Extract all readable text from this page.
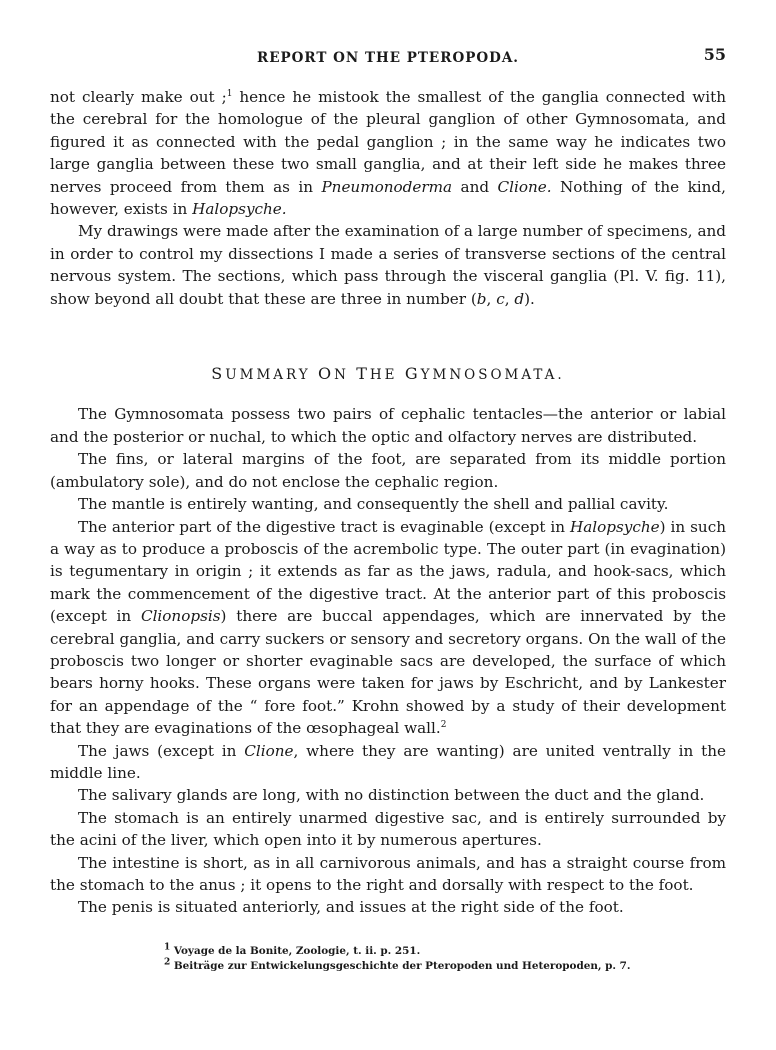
REPORT ON THE PTEROPODA.	55

not clearly make out ;$^1$ hence he mistook the smallest of the ganglia connected with the cerebral for the homologue of the pleural ganglion of other Gymnosomata, and figured it as connected with the pedal ganglion ; in the same way he indicates two large ganglia between these two small ganglia, and at their left side he makes three nerves proceed from them as in Pneumonoderma and Clione. Nothing of the kind, however, exists in Halopsyche.

My drawings were made after the examination of a large number of specimens, and in order to control my dissections I made a series of transverse sections of the central nervous system. The sections, which pass through the visceral ganglia (Pl. V. fig. 11), show beyond all doubt that these are three in number (b, c, d).

SUMMARY ON THE GYMNOSOMATA.

The Gymnosomata possess two pairs of cephalic tentacles—the anterior or labial and the posterior or nuchal, to which the optic and olfactory nerves are distributed.

The fins, or lateral margins of the foot, are separated from its middle portion (ambulatory sole), and do not enclose the cephalic region.

The mantle is entirely wanting, and consequently the shell and pallial cavity.

The anterior part of the digestive tract is evaginable (except in Halopsyche) in such a way as to produce a proboscis of the acrembolic type. The outer part (in evagination) is tegumentary in origin ; it extends as far as the jaws, radula, and hook-sacs, which mark the commencement of the digestive tract. At the anterior part of this proboscis (except in Clionopsis) there are buccal appendages, which are innervated by the cerebral ganglia, and carry suckers or sensory and secretory organs. On the wall of the proboscis two longer or shorter evaginable sacs are developed, the surface of which bears horny hooks. These organs were taken for jaws by Eschricht, and by Lankester for an appendage of the “ fore foot.” Krohn showed by a study of their development that they are evaginations of the œsophageal wall.$^2$

The jaws (except in Clione, where they are wanting) are united ventrally in the middle line.

The salivary glands are long, with no distinction between the duct and the gland.

The stomach is an entirely unarmed digestive sac, and is entirely surrounded by the acini of the liver, which open into it by numerous apertures.

The intestine is short, as in all carnivorous animals, and has a straight course from the stomach to the anus ; it opens to the right and dorsally with respect to the foot.

The penis is situated anteriorly, and issues at the right side of the foot.

$^1$ Voyage de la Bonite, Zoologie, t. ii. p. 251.

$^2$ Beiträge zur Entwickelungsgeschichte der Pteropoden und Heteropoden, p. 7.
